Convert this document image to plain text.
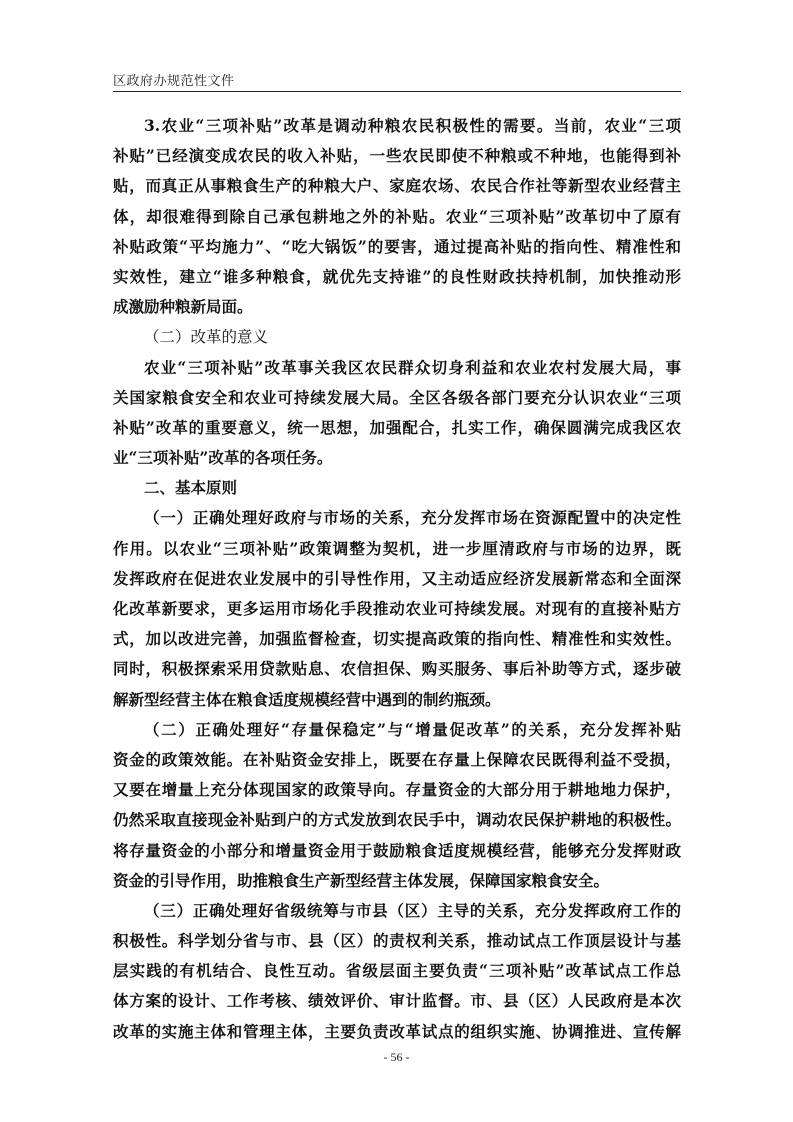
区政府办规范性文件
3.农业“三项补贴”改革是调动种粮农民积极性的需要。当前，农业“三项
补贴”已经演变成农民的收入补贴，一些农民即使不种粮或不种地，也能得到补
贴，而真正从事粮食生产的种粮大户、家庭农场、农民合作社等新型农业经营主
体，却很难得到除自己承包耕地之外的补贴。农业“三项补贴”改革切中了原有
补贴政策“平均施力”、“吃大锅饭”的要害，通过提高补贴的指向性、精准性和
实效性，建立“谁多种粮食，就优先支持谁”的良性财政扶持机制，加快推动形
成激励种粮新局面。
（二）改革的意义
农业“三项补贴”改革事关我区农民群众切身利益和农业农村发展大局，事
关国家粮食安全和农业可持续发展大局。全区各级各部门要充分认识农业“三项
补贴”改革的重要意义，统一思想，加强配合，扎实工作，确保圆满完成我区农
业“三项补贴”改革的各项任务。
二、基本原则
（一）正确处理好政府与市场的关系，充分发挥市场在资源配置中的决定性
作用。以农业“三项补贴”政策调整为契机，进一步厘清政府与市场的边界，既
发挥政府在促进农业发展中的引导性作用，又主动适应经济发展新常态和全面深
化改革新要求，更多运用市场化手段推动农业可持续发展。对现有的直接补贴方
式，加以改进完善，加强监督检查，切实提高政策的指向性、精准性和实效性。
同时，积极探索采用贷款贴息、农信担保、购买服务、事后补助等方式，逐步破
解新型经营主体在粮食适度规模经营中遇到的制约瓶颈。
（二）正确处理好“存量保稳定”与“增量促改革”的关系，充分发挥补贴
资金的政策效能。在补贴资金安排上，既要在存量上保障农民既得利益不受损，
又要在增量上充分体现国家的政策导向。存量资金的大部分用于耕地地力保护，
仍然采取直接现金补贴到户的方式发放到农民手中，调动农民保护耕地的积极性。
将存量资金的小部分和增量资金用于鼓励粮食适度规模经营，能够充分发挥财政
资金的引导作用，助推粮食生产新型经营主体发展，保障国家粮食安全。
（三）正确处理好省级统筹与市县（区）主导的关系，充分发挥政府工作的
积极性。科学划分省与市、县（区）的责权利关系，推动试点工作顶层设计与基
层实践的有机结合、良性互动。省级层面主要负责“三项补贴”改革试点工作总
体方案的设计、工作考核、绩效评价、审计监督。市、县（区）人民政府是本次
改革的实施主体和管理主体，主要负责改革试点的组织实施、协调推进、宣传解
- 56 -
